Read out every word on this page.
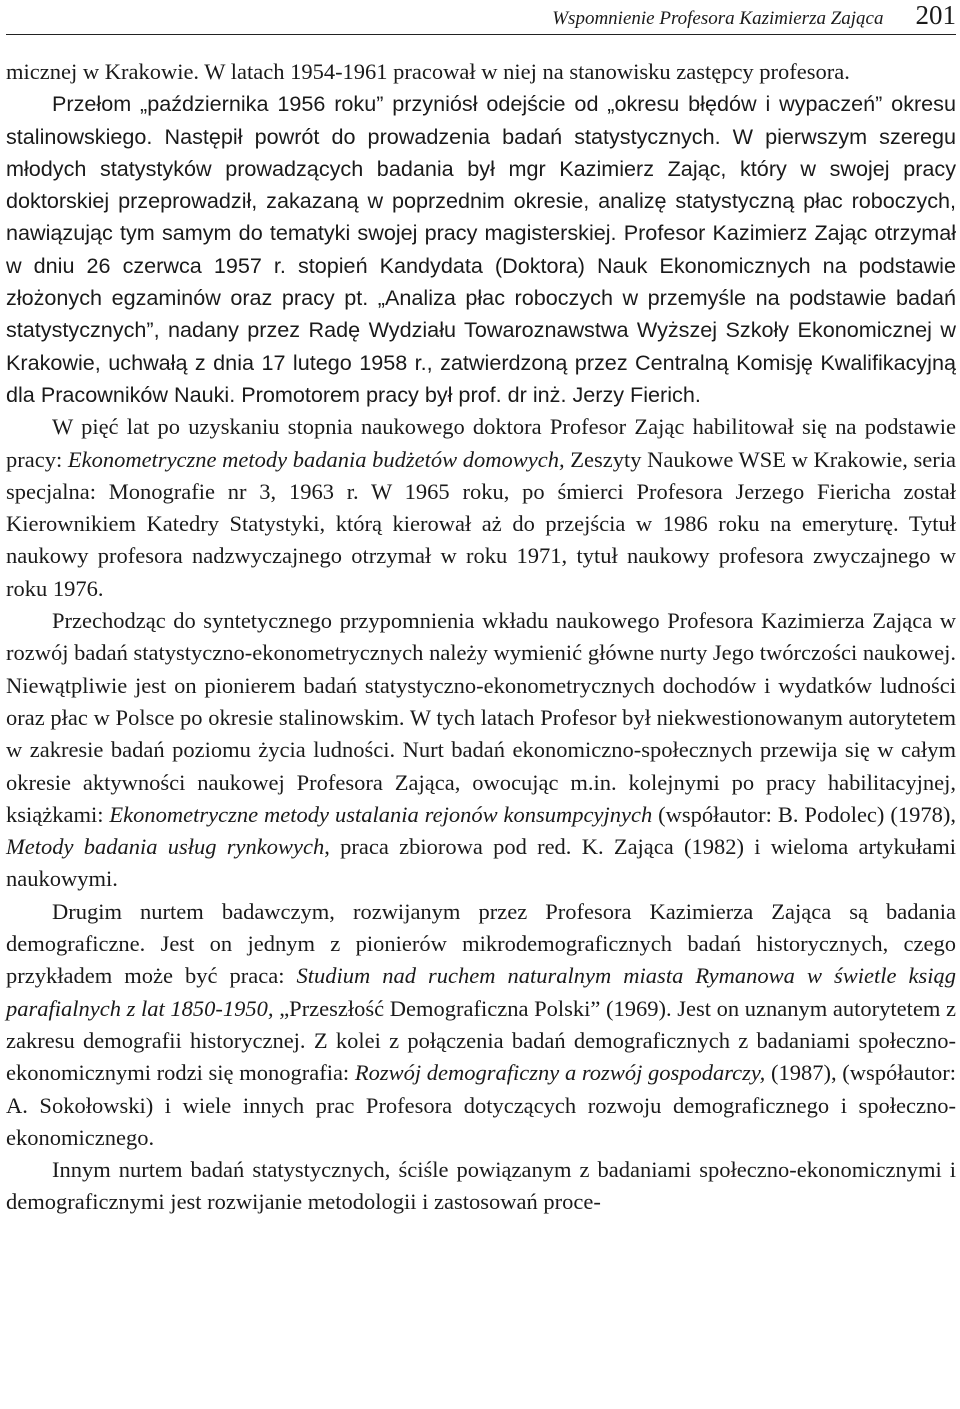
Wspomnienie Profesora Kazimierza Zająca 201

micznej w Krakowie. W latach 1954-1961 pracował w niej na stanowisku zastępcy profesora.

Przełom „października 1956 roku” przyniósł odejście od „okresu błędów i wypaczeń” okresu stalinowskiego. Następił powrót do prowadzenia badań statystycznych. W pierwszym szeregu młodych statystyków prowadzących badania był mgr Kazimierz Zając, który w swojej pracy doktorskiej przeprowadził, zakazaną w poprzednim okresie, analizę statystyczną płac roboczych, nawiązując tym samym do tematyki swojej pracy magisterskiej. Profesor Kazimierz Zając otrzymał w dniu 26 czerwca 1957 r. stopień Kandydata (Doktora) Nauk Ekonomicznych na podstawie złożonych egzaminów oraz pracy pt. „Analiza płac roboczych w przemyśle na podstawie badań statystycznych”, nadany przez Radę Wydziału Towaroznawstwa Wyższej Szkoły Ekonomicznej w Krakowie, uchwałą z dnia 17 lutego 1958 r., zatwierdzoną przez Centralną Komisję Kwalifikacyjną dla Pracowników Nauki. Promotorem pracy był prof. dr inż. Jerzy Fierich.

W pięć lat po uzyskaniu stopnia naukowego doktora Profesor Zając habilitował się na podstawie pracy: Ekonometryczne metody badania budżetów domowych, Zeszyty Naukowe WSE w Krakowie, seria specjalna: Monografie nr 3, 1963 r. W 1965 roku, po śmierci Profesora Jerzego Fiericha został Kierownikiem Katedry Statystyki, którą kierował aż do przejścia w 1986 roku na emeryturę. Tytuł naukowy profesora nadzwyczajnego otrzymał w roku 1971, tytuł naukowy profesora zwyczajnego w roku 1976.

Przechodząc do syntetycznego przypomnienia wkładu naukowego Profesora Kazimierza Zająca w rozwój badań statystyczno-ekonometrycznych należy wymienić główne nurty Jego twórczości naukowej. Niewątpliwie jest on pionierem badań statystyczno-ekonometrycznych dochodów i wydatków ludności oraz płac w Polsce po okresie stalinowskim. W tych latach Profesor był niekwestionowanym autorytetem w zakresie badań poziomu życia ludności. Nurt badań ekonomiczno-społecznych przewija się w całym okresie aktywności naukowej Profesora Zająca, owocując m.in. kolejnymi po pracy habilitacyjnej, książkami: Ekonometryczne metody ustalania rejonów konsumpcyjnych (współautor: B. Podolec) (1978), Metody badania usług rynkowych, praca zbiorowa pod red. K. Zająca (1982) i wieloma artykułami naukowymi.

Drugim nurtem badawczym, rozwijanym przez Profesora Kazimierza Zająca są badania demograficzne. Jest on jednym z pionierów mikrodemograficznych badań historycznych, czego przykładem może być praca: Studium nad ruchem naturalnym miasta Rymanowa w świetle ksiąg parafialnych z lat 1850-1950, „Przeszłość Demograficzna Polski” (1969). Jest on uznanym autorytetem z zakresu demografii historycznej. Z kolei z połączenia badań demograficznych z badaniami społeczno-ekonomicznymi rodzi się monografia: Rozwój demograficzny a rozwój gospodarczy, (1987), (współautor: A. Sokołowski) i wiele innych prac Profesora dotyczących rozwoju demograficznego i społeczno-ekonomicznego.

Innym nurtem badań statystycznych, ściśle powiązanym z badaniami społeczno-ekonomicznymi i demograficznymi jest rozwijanie metodologii i zastosowań proce-
